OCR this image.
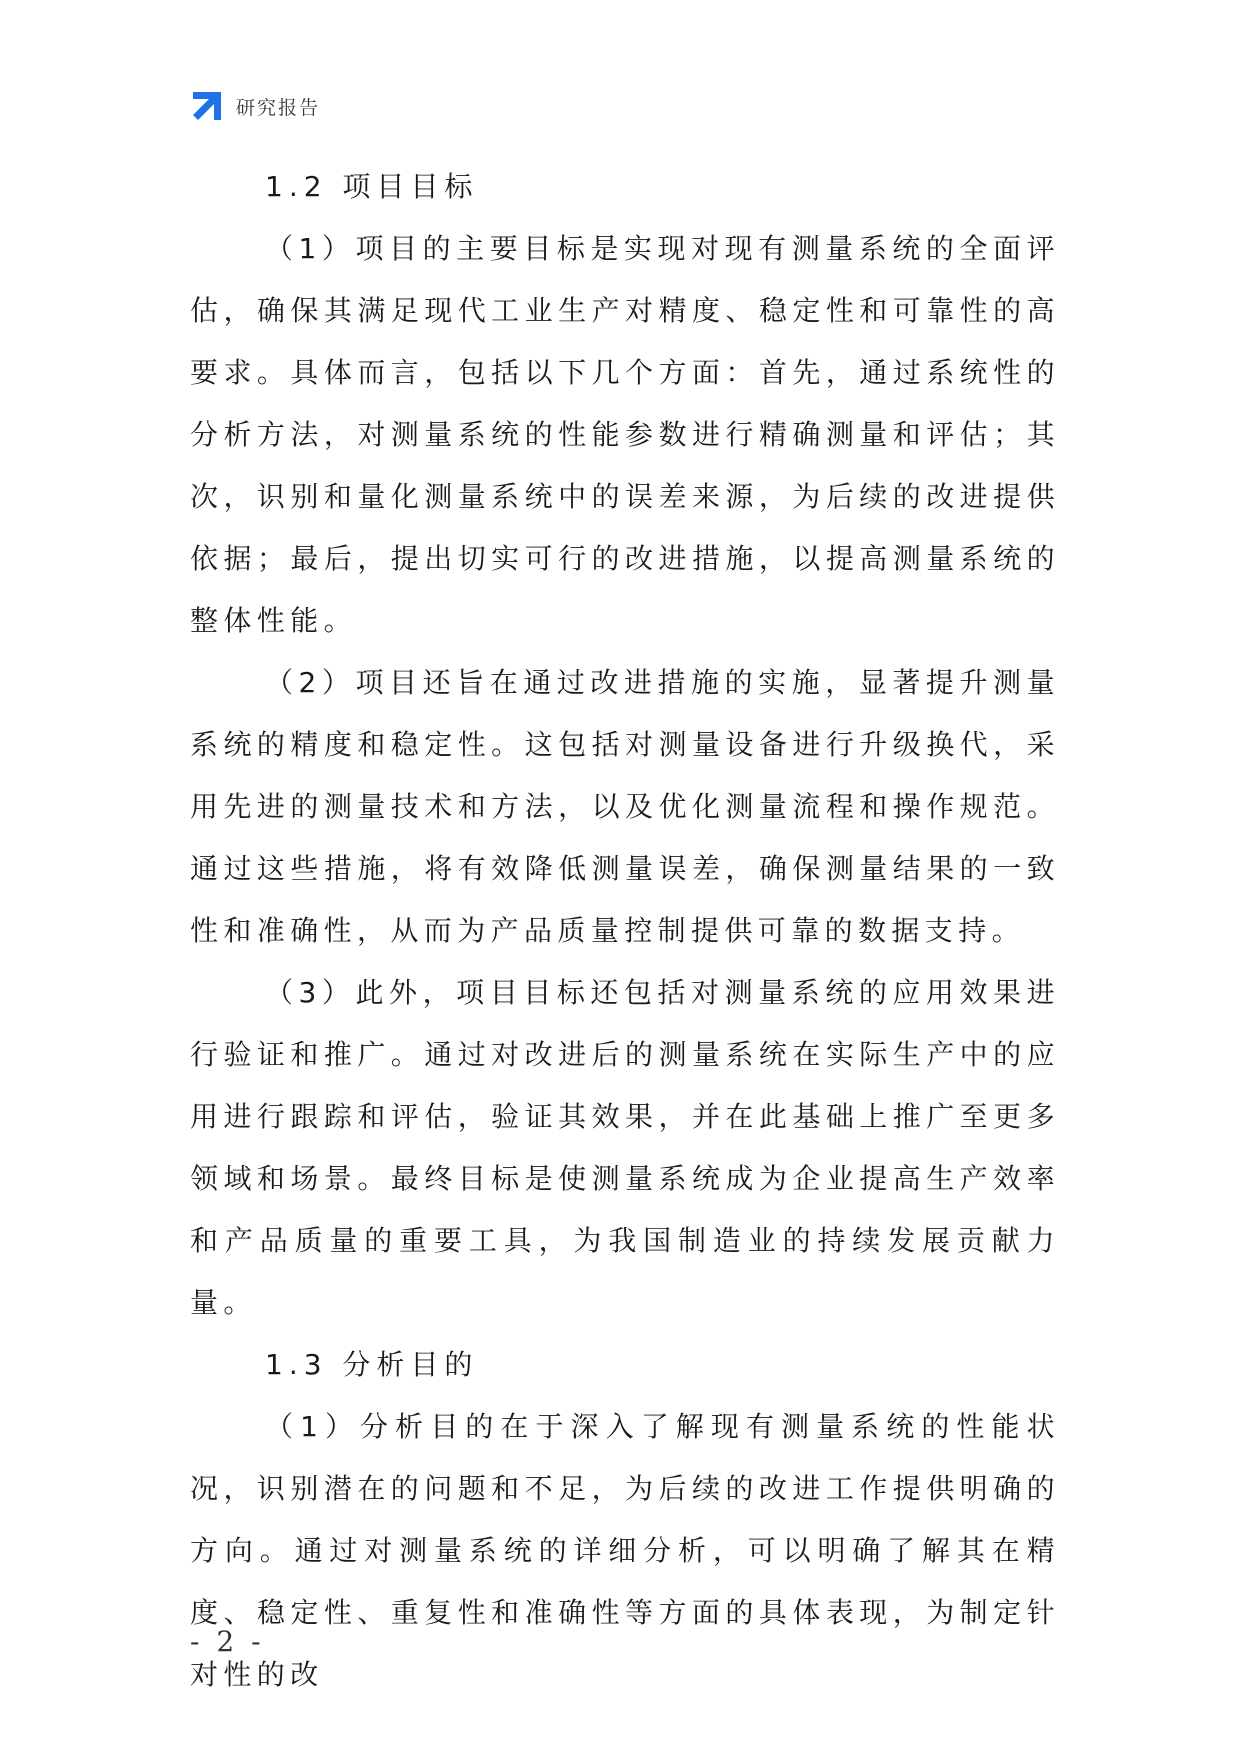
研究报告
1.2 项目目标

（1）项目的主要目标是实现对现有测量系统的全面评估，确保其满足现代工业生产对精度、稳定性和可靠性的高要求。具体而言，包括以下几个方面：首先，通过系统性的分析方法，对测量系统的性能参数进行精确测量和评估；其次，识别和量化测量系统中的误差来源，为后续的改进提供依据；最后，提出切实可行的改进措施，以提高测量系统的整体性能。

（2）项目还旨在通过改进措施的实施，显著提升测量系统的精度和稳定性。这包括对测量设备进行升级换代，采用先进的测量技术和方法，以及优化测量流程和操作规范。通过这些措施，将有效降低测量误差，确保测量结果的一致性和准确性，从而为产品质量控制提供可靠的数据支持。

（3）此外，项目目标还包括对测量系统的应用效果进行验证和推广。通过对改进后的测量系统在实际生产中的应用进行跟踪和评估，验证其效果，并在此基础上推广至更多领域和场景。最终目标是使测量系统成为企业提高生产效率和产品质量的重要工具，为我国制造业的持续发展贡献力量。

1.3 分析目的

（1）分析目的在于深入了解现有测量系统的性能状况，识别潜在的问题和不足，为后续的改进工作提供明确的方向。通过对测量系统的详细分析，可以明确了解其在精度、稳定性、重复性和准确性等方面的具体表现，为制定针对性的改

- 2 -
